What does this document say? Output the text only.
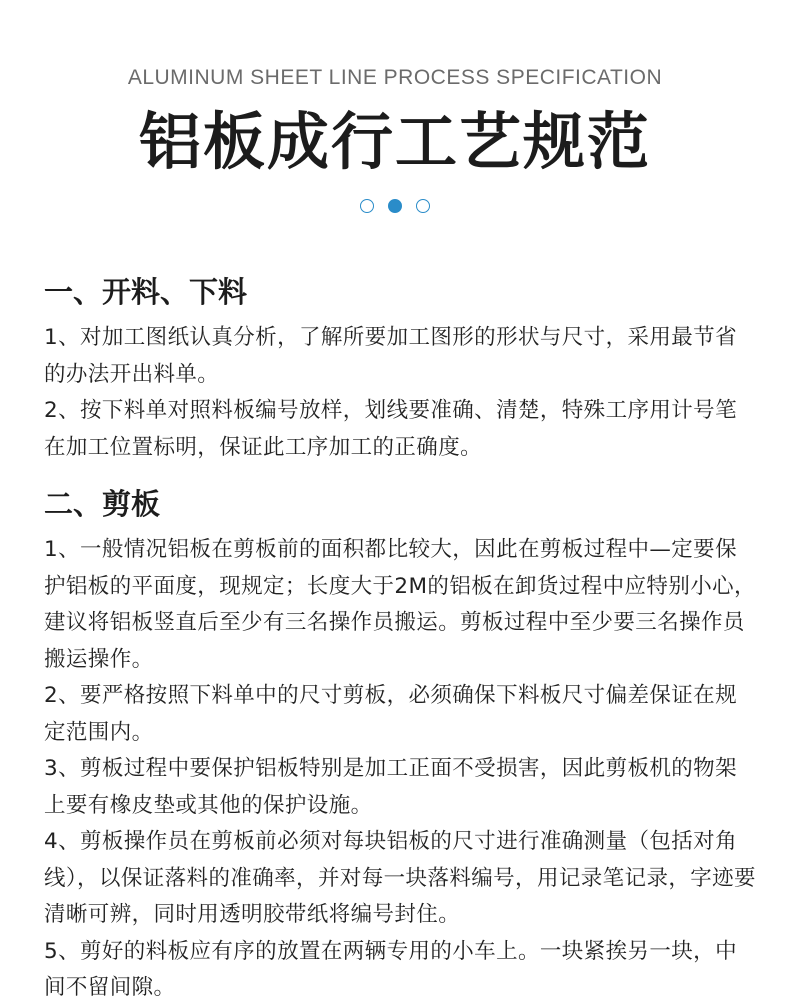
ALUMINUM SHEET LINE PROCESS SPECIFICATION
铝板成行工艺规范
一、开料、下料

1、对加工图纸认真分析，了解所要加工图形的形状与尺寸，采用最节省的办法开出料单。

2、按下料单对照料板编号放样，划线要准确、清楚，特殊工序用计号笔在加工位置标明，保证此工序加工的正确度。

二、剪板

1、一般情况铝板在剪板前的面积都比较大，因此在剪板过程中—定要保护铝板的平面度，现规定；长度大于2M的铝板在卸货过程中应特别小心，建议将铝板竖直后至少有三名操作员搬运。剪板过程中至少要三名操作员搬运操作。

2、要严格按照下料单中的尺寸剪板，必须确保下料板尺寸偏差保证在规定范围内。

3、剪板过程中要保护铝板特别是加工正面不受损害，因此剪板机的物架上要有橡皮垫或其他的保护设施。

4、剪板操作员在剪板前必须对每块铝板的尺寸进行准确测量（包括对角线），以保证落料的准确率，并对每一块落料编号，用记录笔记录，字迹要清晰可辨，同时用透明胶带纸将编号封住。

5、剪好的料板应有序的放置在两辆专用的小车上。一块紧挨另一块，中间不留间隙。
